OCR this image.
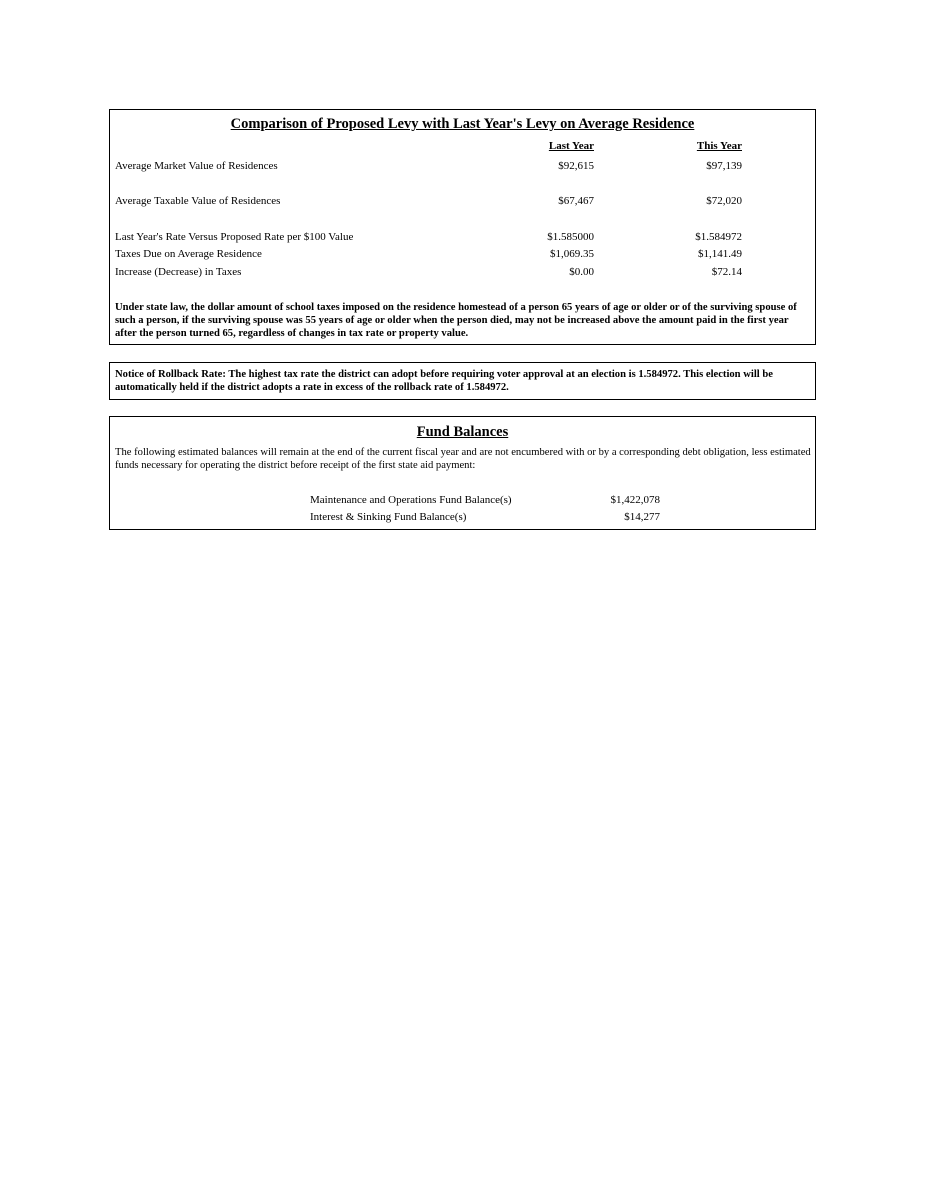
Comparison of Proposed Levy with Last Year's Levy on Average Residence
Last Year	This Year
Average Market Value of Residences	$92,615	$97,139
Average Taxable Value of Residences	$67,467	$72,020
Last Year's Rate Versus Proposed Rate per $100 Value	$1.585000	$1.584972
Taxes Due on Average Residence	$1,069.35	$1,141.49
Increase (Decrease) in Taxes	$0.00	$72.14
Under state law, the dollar amount of school taxes imposed on the residence homestead of a person 65 years of age or older or of the surviving spouse of such a person, if the surviving spouse was 55 years of age or older when the person died, may not be increased above the amount paid in the first year after the person turned 65, regardless of changes in tax rate or property value.
Notice of Rollback Rate: The highest tax rate the district can adopt before requiring voter approval at an election is 1.584972. This election will be automatically held if the district adopts a rate in excess of the rollback rate of 1.584972.
Fund Balances
The following estimated balances will remain at the end of the current fiscal year and are not encumbered with or by a corresponding debt obligation, less estimated funds necessary for operating the district before receipt of the first state aid payment:
Maintenance and Operations Fund Balance(s)	$1,422,078
Interest & Sinking Fund Balance(s)	$14,277
